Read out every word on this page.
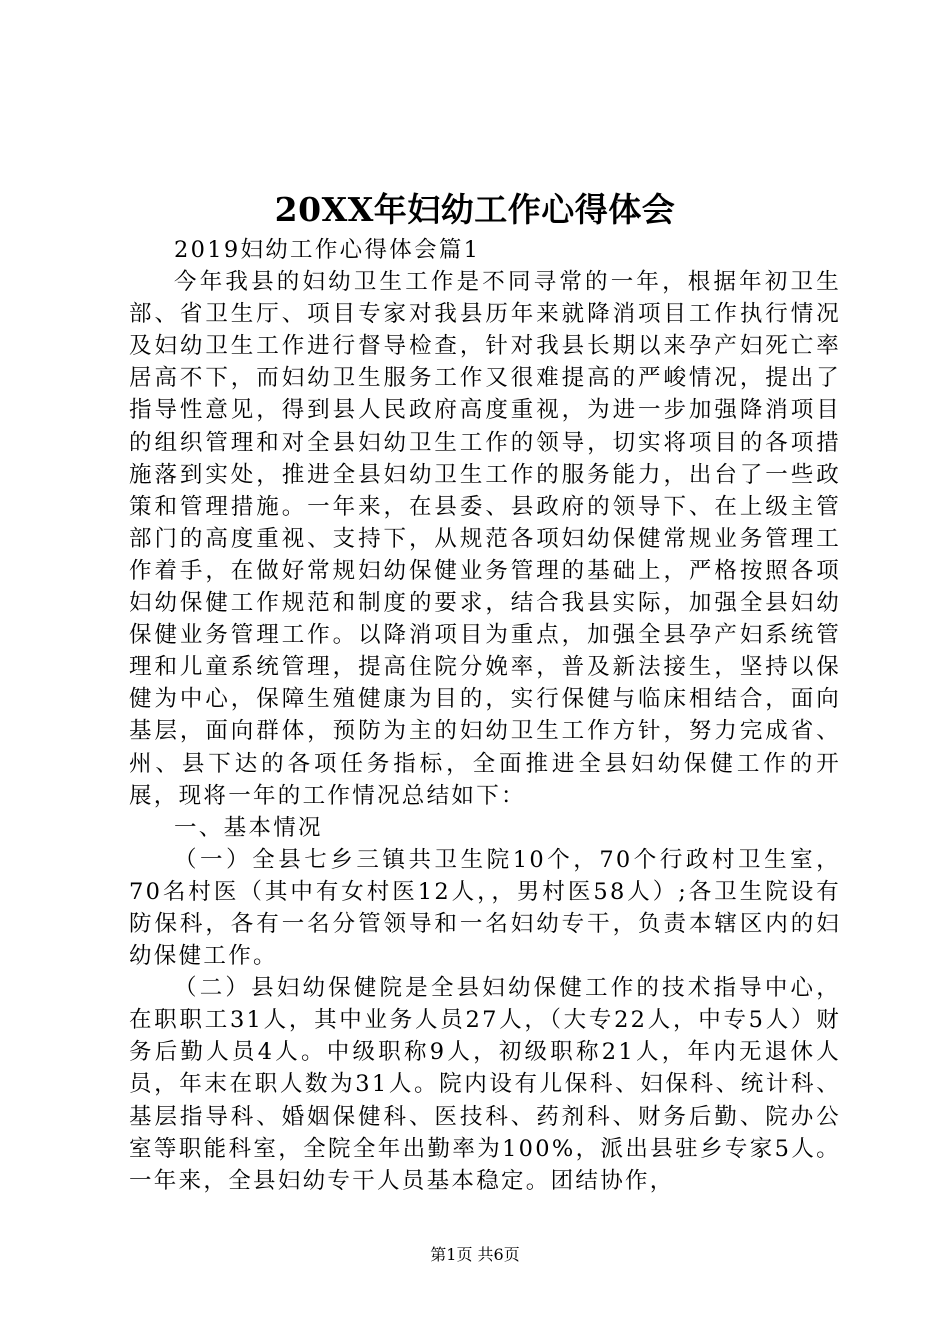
20XX年妇幼工作心得体会

2019妇幼工作心得体会篇1

今年我县的妇幼卫生工作是不同寻常的一年，根据年初卫生部、省卫生厅、项目专家对我县历年来就降消项目工作执行情况及妇幼卫生工作进行督导检查，针对我县长期以来孕产妇死亡率居高不下，而妇幼卫生服务工作又很难提高的严峻情况，提出了指导性意见，得到县人民政府高度重视，为进一步加强降消项目的组织管理和对全县妇幼卫生工作的领导，切实将项目的各项措施落到实处，推进全县妇幼卫生工作的服务能力，出台了一些政策和管理措施。一年来，在县委、县政府的领导下、在上级主管部门的高度重视、支持下，从规范各项妇幼保健常规业务管理工作着手，在做好常规妇幼保健业务管理的基础上，严格按照各项妇幼保健工作规范和制度的要求，结合我县实际，加强全县妇幼保健业务管理工作。以降消项目为重点，加强全县孕产妇系统管理和儿童系统管理，提高住院分娩率，普及新法接生，坚持以保健为中心，保障生殖健康为目的，实行保健与临床相结合，面向基层，面向群体，预防为主的妇幼卫生工作方针，努力完成省、州、县下达的各项任务指标，全面推进全县妇幼保健工作的开展，现将一年的工作情况总结如下：

一、基本情况

（一）全县七乡三镇共卫生院10个，70个行政村卫生室，70名村医（其中有女村医12人，，男村医58人）;各卫生院设有防保科，各有一名分管领导和一名妇幼专干，负责本辖区内的妇幼保健工作。

（二）县妇幼保健院是全县妇幼保健工作的技术指导中心，在职职工31人，其中业务人员27人，（大专22人，中专5人）财务后勤人员4人。中级职称9人，初级职称21人，年内无退休人员，年末在职人数为31人。院内设有儿保科、妇保科、统计科、基层指导科、婚姻保健科、医技科、药剂科、财务后勤、院办公室等职能科室，全院全年出勤率为100%，派出县驻乡专家5人。一年来，全县妇幼专干人员基本稳定。团结协作，

第1页 共6页
